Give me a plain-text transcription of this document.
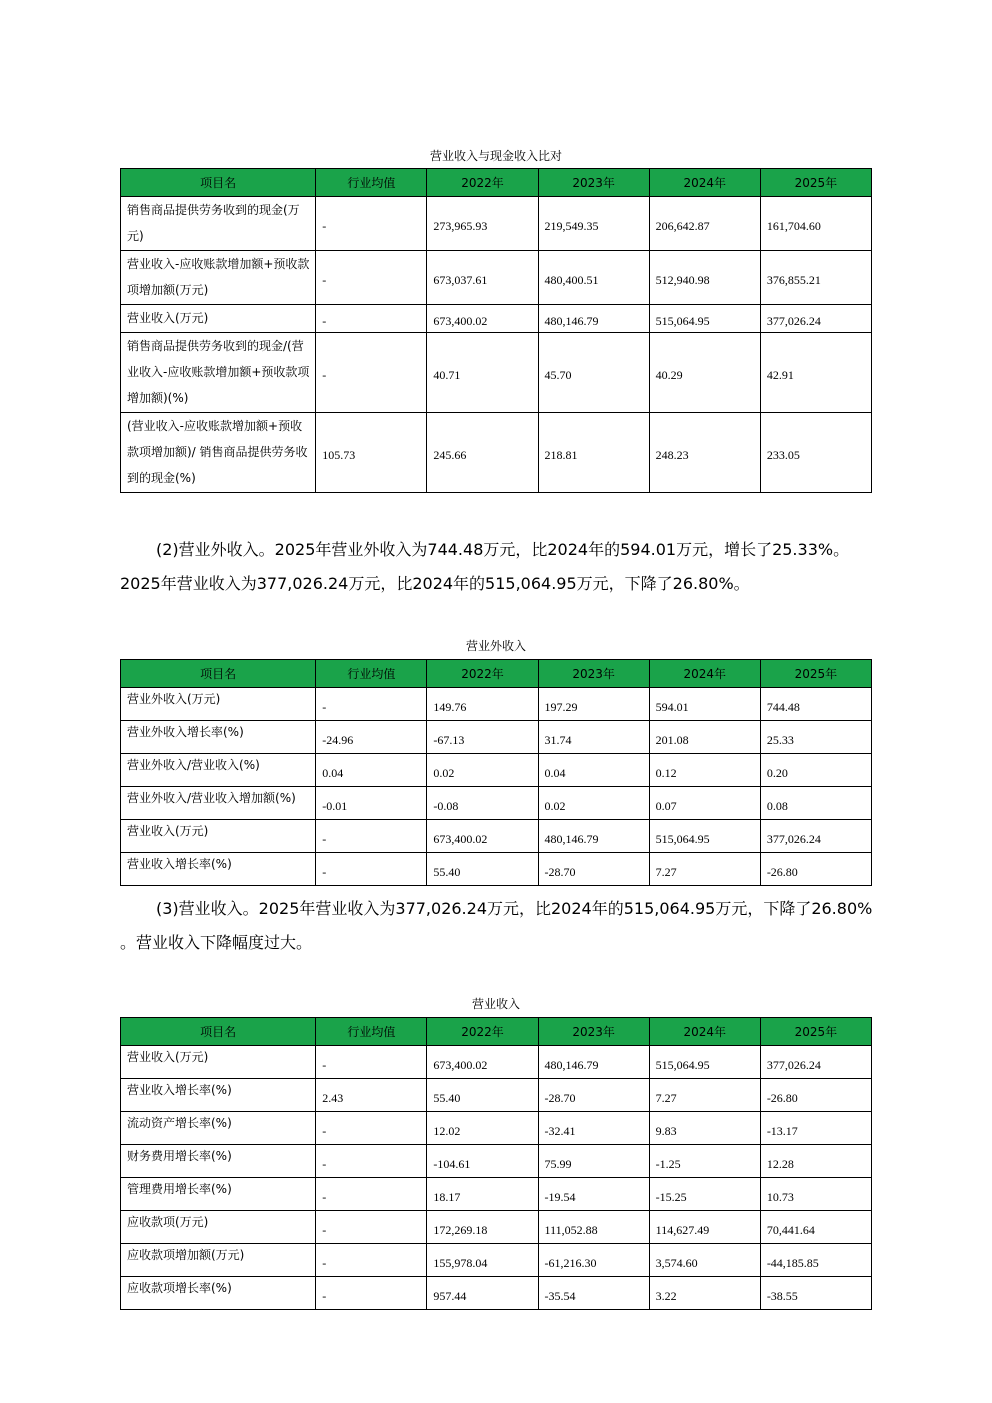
营业收入与现金收入比对
项目名	行业均值	2022年	2023年	2024年	2025年
销售商品提供劳务收到的现金(万元)	-	273,965.93	219,549.35	206,642.87	161,704.60
营业收入-应收账款增加额+预收款项增加额(万元)	-	673,037.61	480,400.51	512,940.98	376,855.21
营业收入(万元)	-	673,400.02	480,146.79	515,064.95	377,026.24
销售商品提供劳务收到的现金/(营业收入-应收账款增加额+预收款项增加额)(%)	-	40.71	45.70	40.29	42.91
(营业收入-应收账款增加额+预收款项增加额)/ 销售商品提供劳务收到的现金(%)	105.73	245.66	218.81	248.23	233.05

(2)营业外收入。2025年营业外收入为744.48万元，比2024年的594.01万元，增长了25.33%。
2025年营业收入为377,026.24万元，比2024年的515,064.95万元，下降了26.80%。

营业外收入
项目名	行业均值	2022年	2023年	2024年	2025年
营业外收入(万元)	-	149.76	197.29	594.01	744.48
营业外收入增长率(%)	-24.96	-67.13	31.74	201.08	25.33
营业外收入/营业收入(%)	0.04	0.02	0.04	0.12	0.20
营业外收入/营业收入增加额(%)	-0.01	-0.08	0.02	0.07	0.08
营业收入(万元)	-	673,400.02	480,146.79	515,064.95	377,026.24
营业收入增长率(%)	-	55.40	-28.70	7.27	-26.80

(3)营业收入。2025年营业收入为377,026.24万元，比2024年的515,064.95万元，下降了26.80%
。营业收入下降幅度过大。

营业收入
项目名	行业均值	2022年	2023年	2024年	2025年
营业收入(万元)	-	673,400.02	480,146.79	515,064.95	377,026.24
营业收入增长率(%)	2.43	55.40	-28.70	7.27	-26.80
流动资产增长率(%)	-	12.02	-32.41	9.83	-13.17
财务费用增长率(%)	-	-104.61	75.99	-1.25	12.28
管理费用增长率(%)	-	18.17	-19.54	-15.25	10.73
应收款项(万元)	-	172,269.18	111,052.88	114,627.49	70,441.64
应收款项增加额(万元)	-	155,978.04	-61,216.30	3,574.60	-44,185.85
应收款项增长率(%)	-	957.44	-35.54	3.22	-38.55
